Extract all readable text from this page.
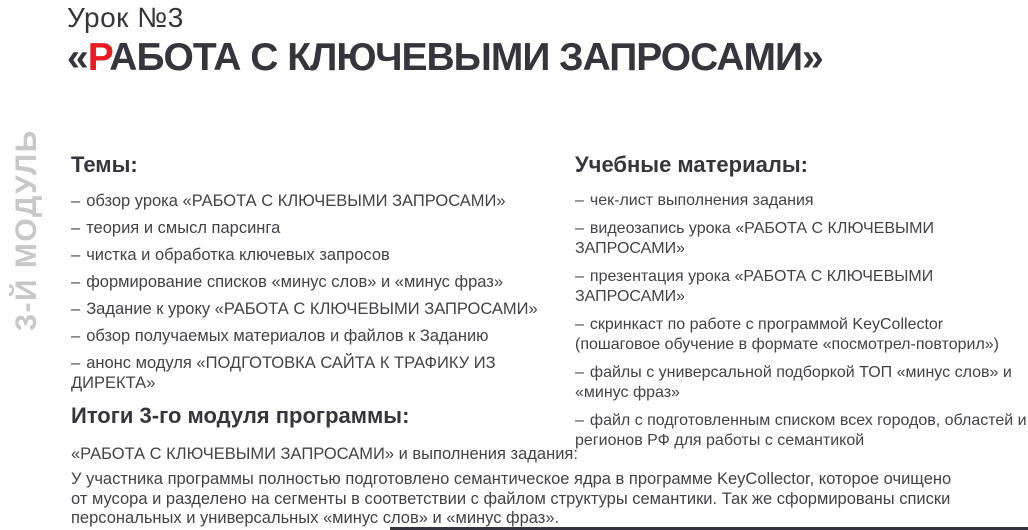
3-Й МОДУЛЬ
Урок №3
«РАБОТА С КЛЮЧЕВЫМИ ЗАПРОСАМИ»
Темы:
– обзор урока «РАБОТА С КЛЮЧЕВЫМИ ЗАПРОСАМИ»
– теория и смысл парсинга
– чистка и обработка ключевых запросов
– формирование списков «минус слов» и «минус фраз»
– Задание к уроку «РАБОТА С КЛЮЧЕВЫМИ ЗАПРОСАМИ»
– обзор получаемых материалов и файлов к Заданию
– анонс модуля «ПОДГОТОВКА САЙТА К ТРАФИКУ ИЗ ДИРЕКТА»
Учебные материалы:
– чек-лист выполнения задания
– видеозапись урока «РАБОТА С КЛЮЧЕВЫМИ ЗАПРОСАМИ»
– презентация урока «РАБОТА С КЛЮЧЕВЫМИ ЗАПРОСАМИ»
– скринкаст по работе с программой KeyCollector (пошаговое обучение в формате «посмотрел-повторил»)
– файлы с универсальной подборкой ТОП «минус слов» и «минус фраз»
– файл с подготовленным списком всех городов, областей и регионов РФ для работы с семантикой
Итоги 3-го модуля программы:
«РАБОТА С КЛЮЧЕВЫМИ ЗАПРОСАМИ» и выполнения задания:
У участника программы полностью подготовлено семантическое ядра в программе KeyCollector, которое очищено от мусора и разделено на сегменты в соответствии с файлом структуры семантики. Так же сформированы списки персональных и универсальных «минус слов» и «минус фраз».
